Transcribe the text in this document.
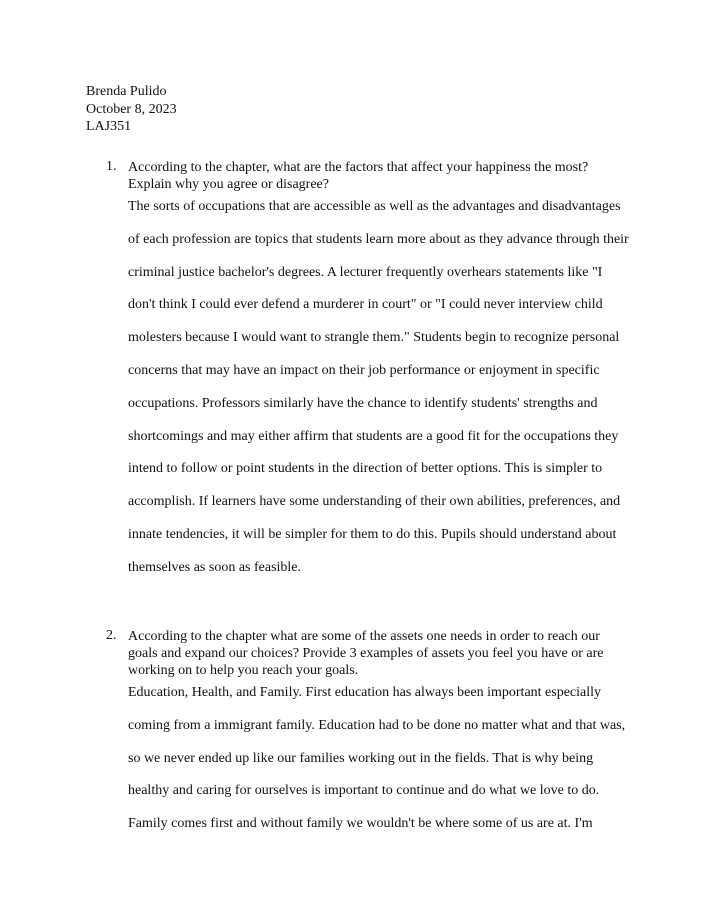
Brenda Pulido
October 8, 2023
LAJ351
1. According to the chapter, what are the factors that affect your happiness the most?
Explain why you agree or disagree?
The sorts of occupations that are accessible as well as the advantages and disadvantages
of each profession are topics that students learn more about as they advance through their
criminal justice bachelor's degrees. A lecturer frequently overhears statements like "I
don't think I could ever defend a murderer in court" or "I could never interview child
molesters because I would want to strangle them." Students begin to recognize personal
concerns that may have an impact on their job performance or enjoyment in specific
occupations. Professors similarly have the chance to identify students' strengths and
shortcomings and may either affirm that students are a good fit for the occupations they
intend to follow or point students in the direction of better options. This is simpler to
accomplish. If learners have some understanding of their own abilities, preferences, and
innate tendencies, it will be simpler for them to do this. Pupils should understand about
themselves as soon as feasible.
2. According to the chapter what are some of the assets one needs in order to reach our
goals and expand our choices? Provide 3 examples of assets you feel you have or are
working on to help you reach your goals.
Education, Health, and Family. First education has always been important especially
coming from a immigrant family. Education had to be done no matter what and that was,
so we never ended up like our families working out in the fields. That is why being
healthy and caring for ourselves is important to continue and do what we love to do.
Family comes first and without family we wouldn't be where some of us are at. I'm
